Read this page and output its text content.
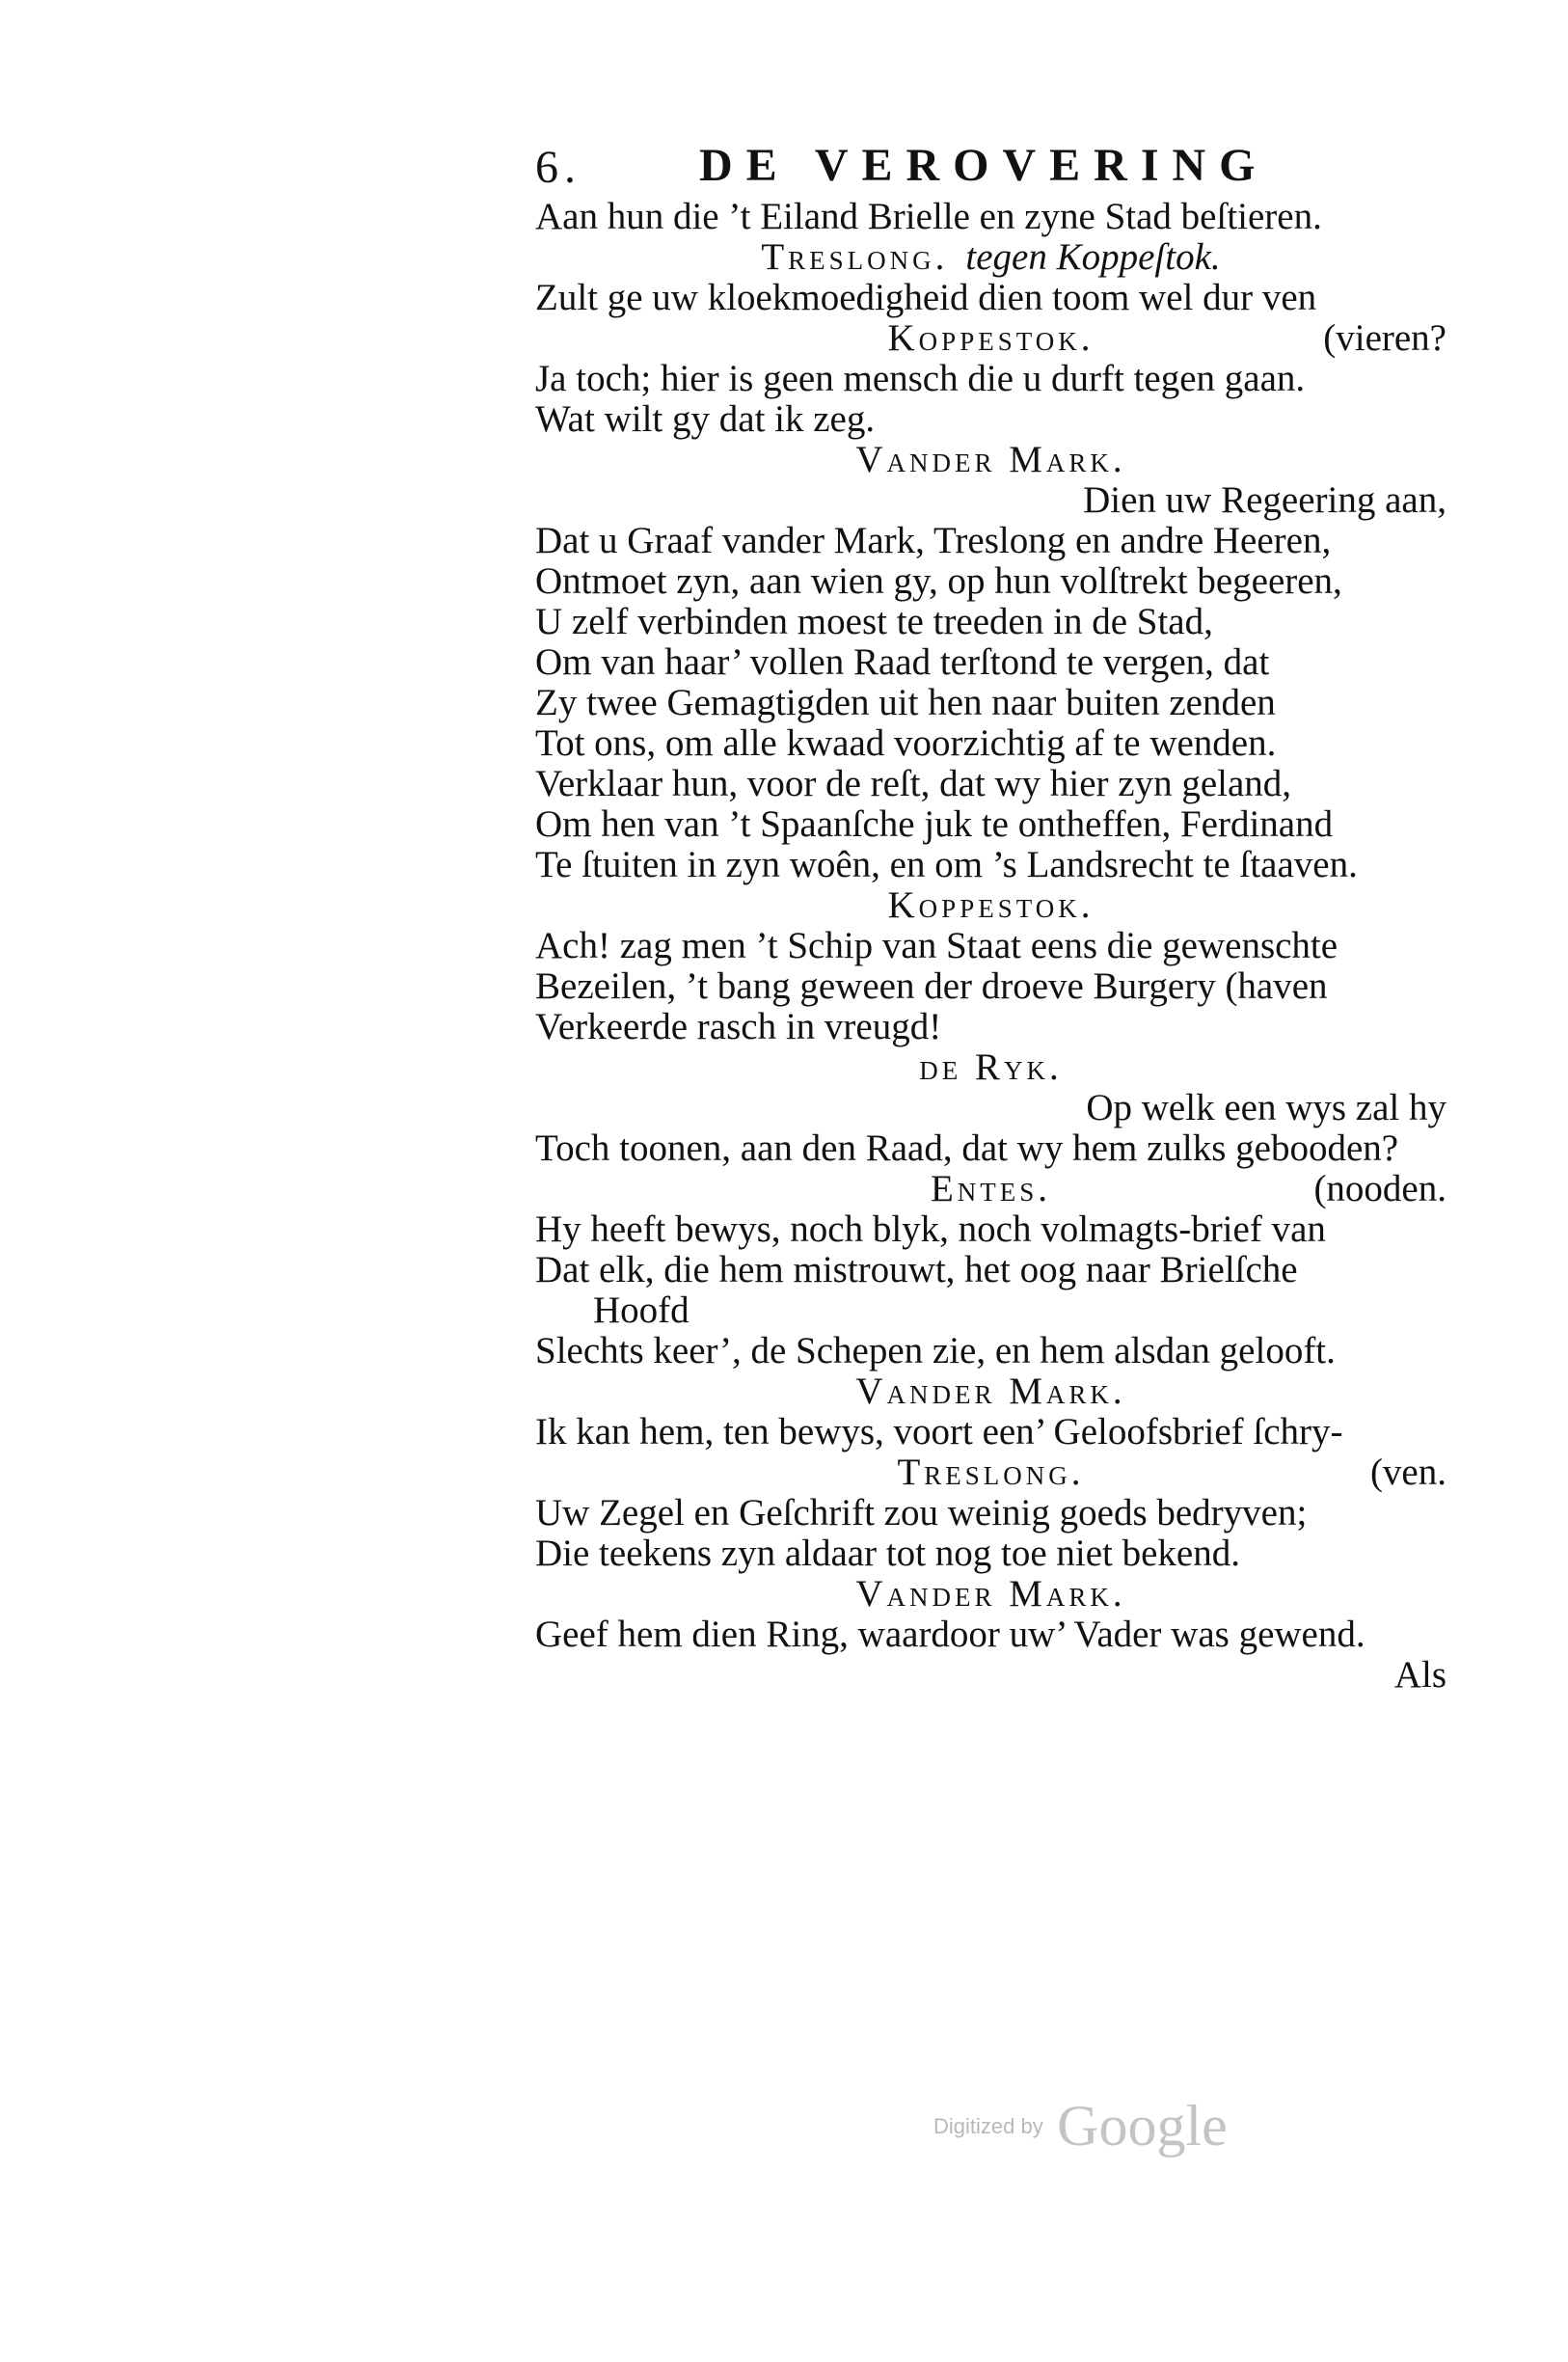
6.	DE VEROVERING
Aan hun die ’t Eiland Brielle en zyne Stad beſtieren.
Treslong. tegen Koppeſtok.
Zult ge uw kloekmoedigheid dien toom wel dur ven
Koppestok.	(vieren?
Ja toch; hier is geen mensch die u durft tegen gaan.
Wat wilt gy dat ik zeg.
Vander Mark.
Dien uw Regeering aan,
Dat u Graaf vander Mark, Treslong en andre Heeren,
Ontmoet zyn, aan wien gy, op hun volſtrekt begeeren,
U zelf verbinden moest te treeden in de Stad,
Om van haar’ vollen Raad terſtond te vergen, dat
Zy twee Gemagtigden uit hen naar buiten zenden
Tot ons, om alle kwaad voorzichtig af te wenden.
Verklaar hun, voor de reſt, dat wy hier zyn geland,
Om hen van ’t Spaanſche juk te ontheffen, Ferdinand
Te ſtuiten in zyn woên, en om ’s Landsrecht te ſtaaven.
Koppestok.
Ach! zag men ’t Schip van Staat eens die gewenschte
Bezeilen, ’t bang geween der droeve Burgery (haven
Verkeerde rasch in vreugd!
de Ryk.
Op welk een wys zal hy
Toch toonen, aan den Raad, dat wy hem zulks gebooden?
Entes.	(nooden.
Hy heeft bewys, noch blyk, noch volmagts-brief van
Dat elk, die hem mistrouwt, het oog naar Brielſche
Hoofd
Slechts keer’, de Schepen zie, en hem alsdan gelooft.
Vander Mark.
Ik kan hem, ten bewys, voort een’ Geloofsbrief ſchry-
Treslong.	(ven.
Uw Zegel en Geſchrift zou weinig goeds bedryven;
Die teekens zyn aldaar tot nog toe niet bekend.
Vander Mark.
Geef hem dien Ring, waardoor uw’ Vader was gewend.
Als
Digitized by Google
